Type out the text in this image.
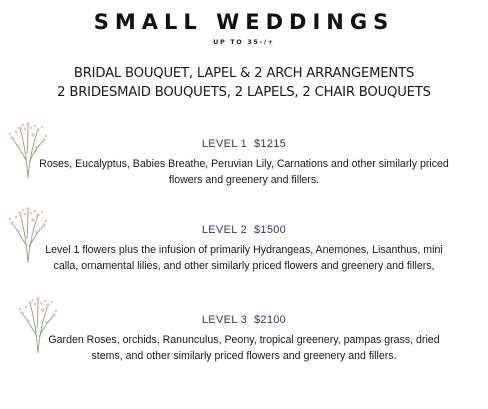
SMALL WEDDINGS
UP TO 35-/+
BRIDAL BOUQUET, LAPEL & 2 ARCH ARRANGEMENTS
2 BRIDESMAID BOUQUETS, 2 LAPELS, 2 CHAIR BOUQUETS
LEVEL 1 $1215
Roses, Eucalyptus, Babies Breathe, Peruvian Lily, Carnations and other similarly priced
flowers and greenery and fillers.
LEVEL 2 $1500
Level 1 flowers plus the infusion of primarily Hydrangeas, Anemones, Lisanthus, mini
calla, ornamental lilies, and other similarly priced flowers and greenery and fillers,
LEVEL 3 $2100
Garden Roses, orchids, Ranunculus, Peony, tropical greenery, pampas grass, dried
stems, and other similarly priced flowers and greenery and fillers.
